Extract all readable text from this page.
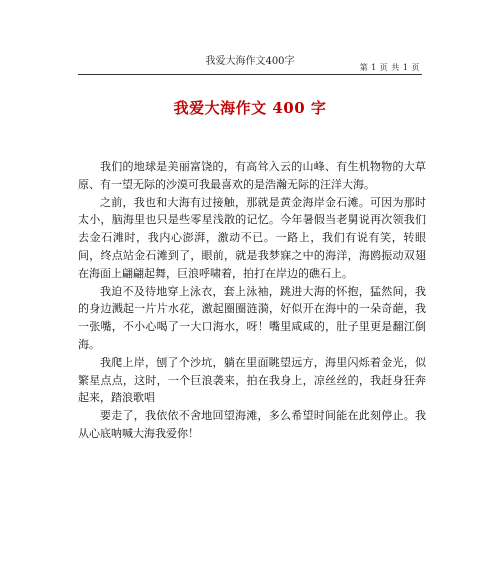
我爱大海作文400字
第 1 页 共 1 页
我爱大海作文 400 字

我们的地球是美丽富饶的，有高耸入云的山峰、有生机物物的大草原、有一望无际的沙漠可我最喜欢的是浩瀚无际的汪洋大海。

之前，我也和大海有过接触，那就是黄金海岸金石滩。可因为那时太小，脑海里也只是些零星浅散的记忆。今年暑假当老舅说再次领我们去金石滩时，我内心澎湃，激动不已。一路上，我们有说有笑，转眼间，终点站金石滩到了，眼前，就是我梦寐之中的海洋，海鸥振动双翅在海面上翩翩起舞，巨浪呼啸着，拍打在岸边的礁石上。

我迫不及待地穿上泳衣，套上泳袖，跳进大海的怀抱，猛然间，我的身边溅起一片片水花，激起圈圈涟漪，好似开在海中的一朵奇葩，我一张嘴，不小心喝了一大口海水，呀！嘴里咸咸的，肚子里更是翻江倒海。

我爬上岸，刨了个沙坑，躺在里面眺望远方，海里闪烁着金光，似繁星点点，这时，一个巨浪袭来，拍在我身上，凉丝丝的，我赶身狂奔起来，踏浪歌唱

要走了，我依依不舍地回望海滩，多么希望时间能在此刻停止。我从心底呐喊大海我爱你！
